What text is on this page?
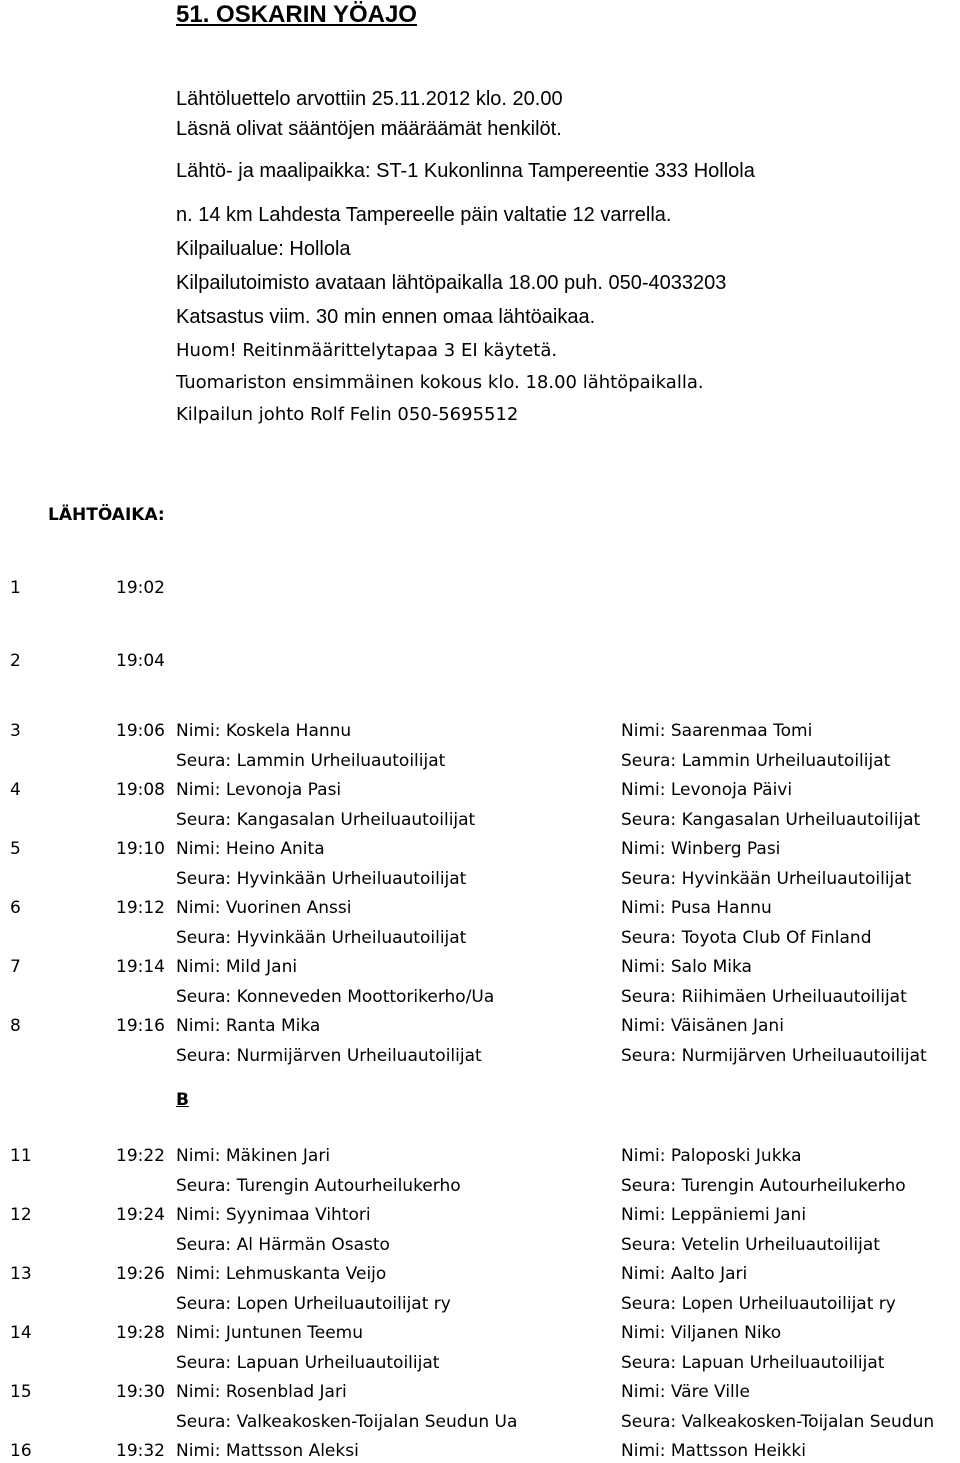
51. OSKARIN YÖAJO
Lähtöluettelo arvottiin 25.11.2012 klo. 20.00
Läsnä olivat sääntöjen määräämät henkilöt.
Lähtö- ja maalipaikka: ST-1 Kukonlinna Tampereentie 333 Hollola
n. 14 km Lahdesta Tampereelle päin valtatie 12 varrella.
Kilpailualue: Hollola
Kilpailutoimisto avataan lähtöpaikalla 18.00 puh. 050-4033203
Katsastus viim. 30 min ennen omaa lähtöaikaa.
Huom! Reitinmäärittelytapaa 3 EI käytetä.
Tuomariston ensimmäinen kokous klo. 18.00 lähtöpaikalla.
Kilpailun johto Rolf Felin 050-5695512
LÄHTÖAIKA:
1	19:02
2	19:04
3	19:06 Nimi: Koskela Hannu	Nimi: Saarenmaa Tomi
Seura: Lammin Urheiluautoilijat	Seura: Lammin Urheiluautoilijat
4	19:08 Nimi: Levonoja Pasi	Nimi: Levonoja Päivi
Seura: Kangasalan Urheiluautoilijat	Seura: Kangasalan Urheiluautoilijat
5	19:10 Nimi: Heino Anita	Nimi: Winberg Pasi
Seura: Hyvinkään Urheiluautoilijat	Seura: Hyvinkään Urheiluautoilijat
6	19:12 Nimi: Vuorinen Anssi	Nimi: Pusa Hannu
Seura: Hyvinkään Urheiluautoilijat	Seura: Toyota Club Of Finland
7	19:14 Nimi: Mild Jani	Nimi: Salo Mika
Seura: Konneveden Moottorikerho/Ua	Seura: Riihimäen Urheiluautoilijat
8	19:16 Nimi: Ranta Mika	Nimi: Väisänen Jani
Seura: Nurmijärven Urheiluautoilijat	Seura: Nurmijärven Urheiluautoilijat
B
11	19:22 Nimi: Mäkinen Jari	Nimi: Paloposki Jukka
Seura: Turengin Autourheilukerho	Seura: Turengin Autourheilukerho
12	19:24 Nimi: Syynimaa Vihtori	Nimi: Leppäniemi Jani
Seura: Al Härmän Osasto	Seura: Vetelin Urheiluautoilijat
13	19:26 Nimi: Lehmuskanta Veijo	Nimi: Aalto Jari
Seura: Lopen Urheiluautoilijat ry	Seura: Lopen Urheiluautoilijat ry
14	19:28 Nimi: Juntunen Teemu	Nimi: Viljanen Niko
Seura: Lapuan Urheiluautoilijat	Seura: Lapuan Urheiluautoilijat
15	19:30 Nimi: Rosenblad Jari	Nimi: Väre Ville
Seura: Valkeakosken-Toijalan Seudun Ua	Seura: Valkeakosken-Toijalan Seudun
16	19:32 Nimi: Mattsson Aleksi	Nimi: Mattsson Heikki
